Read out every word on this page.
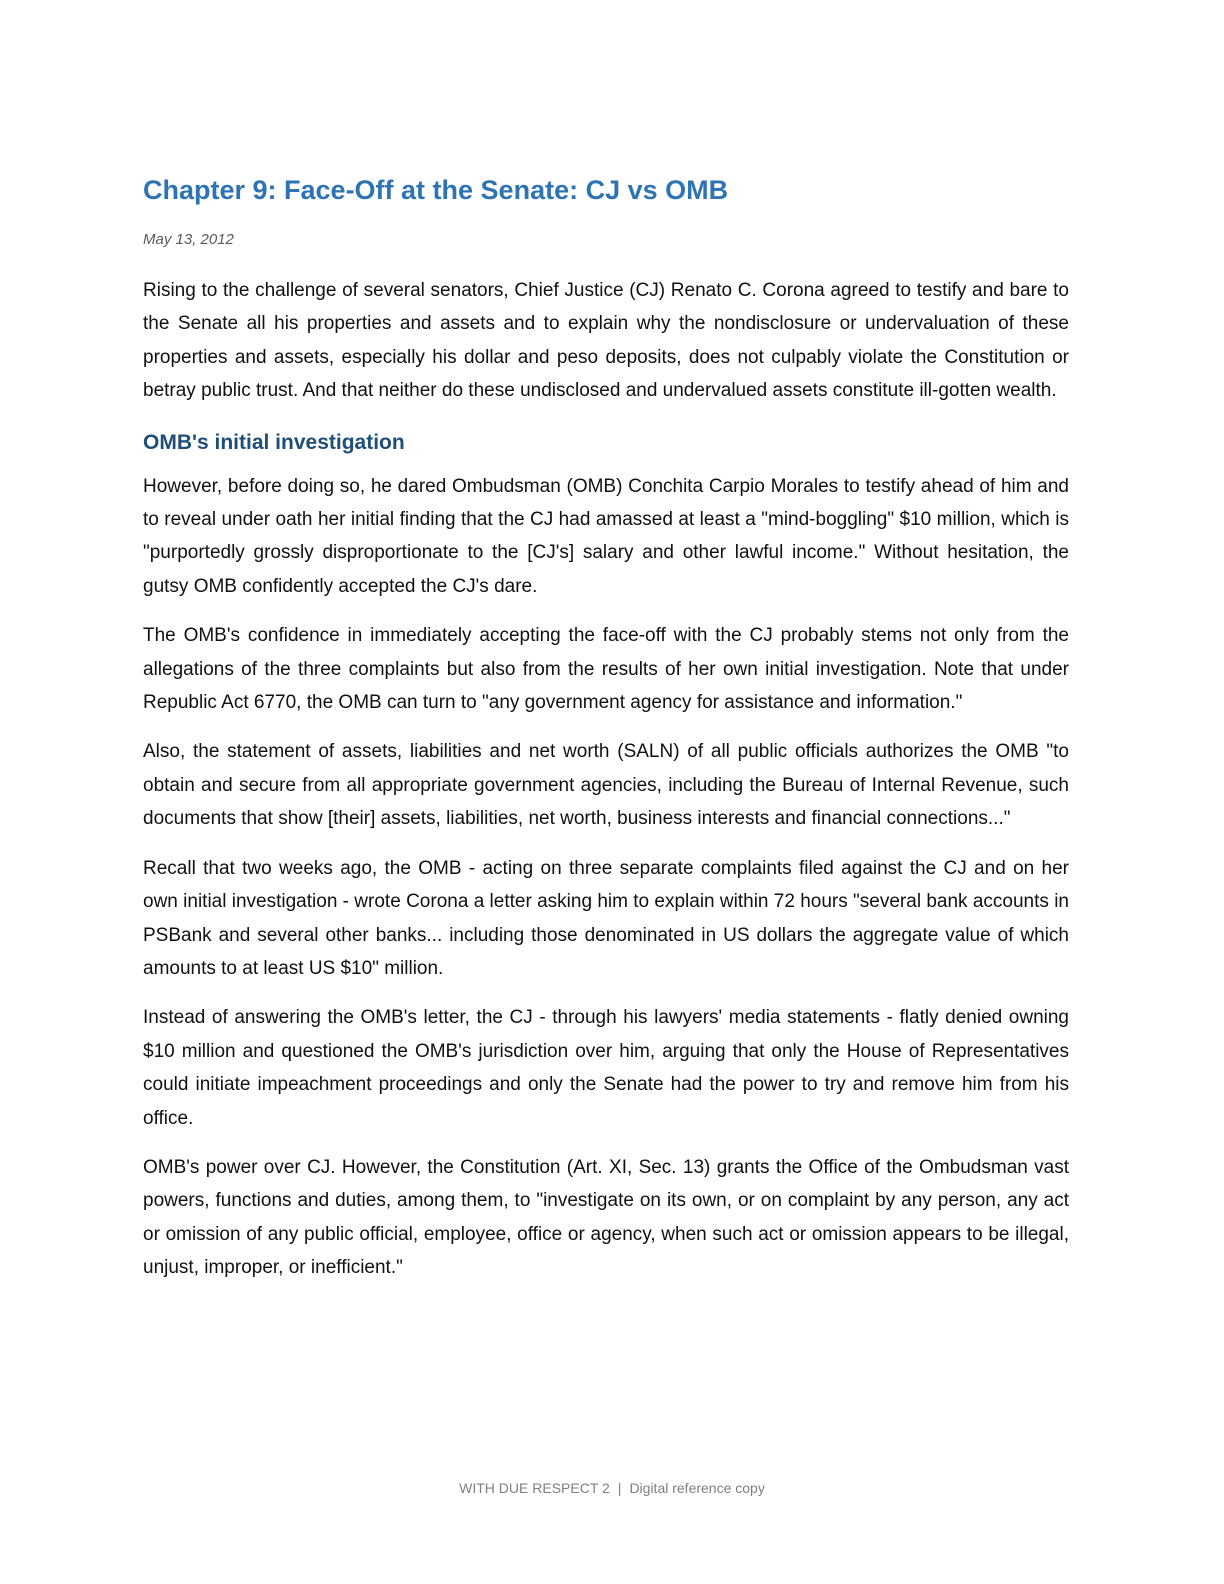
Chapter 9: Face-Off at the Senate: CJ vs OMB

May 13, 2012

Rising to the challenge of several senators, Chief Justice (CJ) Renato C. Corona agreed to testify and bare to the Senate all his properties and assets and to explain why the nondisclosure or undervaluation of these properties and assets, especially his dollar and peso deposits, does not culpably violate the Constitution or betray public trust. And that neither do these undisclosed and undervalued assets constitute ill-gotten wealth.

OMB's initial investigation

However, before doing so, he dared Ombudsman (OMB) Conchita Carpio Morales to testify ahead of him and to reveal under oath her initial finding that the CJ had amassed at least a "mind-boggling" $10 million, which is "purportedly grossly disproportionate to the [CJ's] salary and other lawful income." Without hesitation, the gutsy OMB confidently accepted the CJ's dare.

The OMB's confidence in immediately accepting the face-off with the CJ probably stems not only from the allegations of the three complaints but also from the results of her own initial investigation. Note that under Republic Act 6770, the OMB can turn to "any government agency for assistance and information."

Also, the statement of assets, liabilities and net worth (SALN) of all public officials authorizes the OMB "to obtain and secure from all appropriate government agencies, including the Bureau of Internal Revenue, such documents that show [their] assets, liabilities, net worth, business interests and financial connections..."

Recall that two weeks ago, the OMB - acting on three separate complaints filed against the CJ and on her own initial investigation - wrote Corona a letter asking him to explain within 72 hours "several bank accounts in PSBank and several other banks... including those denominated in US dollars the aggregate value of which amounts to at least US $10" million.

Instead of answering the OMB's letter, the CJ - through his lawyers' media statements - flatly denied owning $10 million and questioned the OMB's jurisdiction over him, arguing that only the House of Representatives could initiate impeachment proceedings and only the Senate had the power to try and remove him from his office.

OMB's power over CJ. However, the Constitution (Art. XI, Sec. 13) grants the Office of the Ombudsman vast powers, functions and duties, among them, to "investigate on its own, or on complaint by any person, any act or omission of any public official, employee, office or agency, when such act or omission appears to be illegal, unjust, improper, or inefficient."

WITH DUE RESPECT 2 | Digital reference copy
